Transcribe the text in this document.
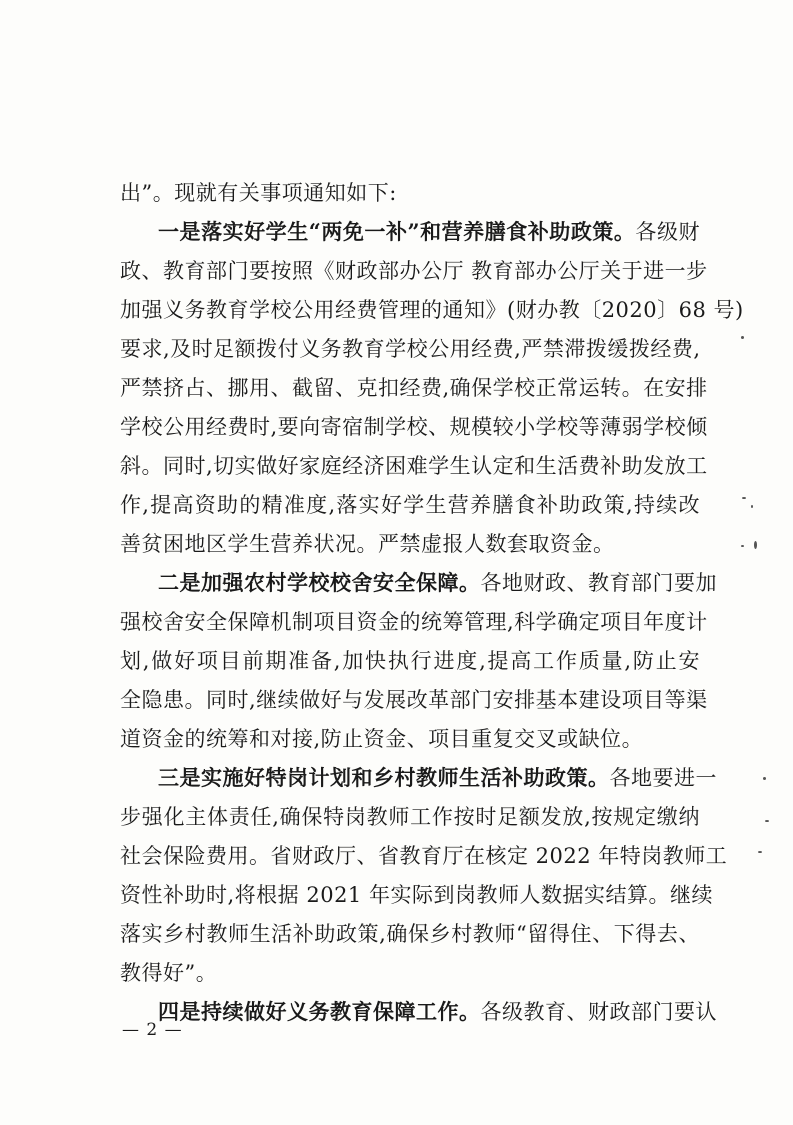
出”。现就有关事项通知如下:
一是落实好学生“两免一补”和营养膳食补助政策。各级财
政、教育部门要按照《财政部办公厅 教育部办公厅关于进一步
加强义务教育学校公用经费管理的通知》(财办教〔2020〕68 号)
要求,及时足额拨付义务教育学校公用经费,严禁滞拨缓拨经费,
严禁挤占、挪用、截留、克扣经费,确保学校正常运转。在安排
学校公用经费时,要向寄宿制学校、规模较小学校等薄弱学校倾
斜。同时,切实做好家庭经济困难学生认定和生活费补助发放工
作,提高资助的精准度,落实好学生营养膳食补助政策,持续改
善贫困地区学生营养状况。严禁虚报人数套取资金。
二是加强农村学校校舍安全保障。各地财政、教育部门要加
强校舍安全保障机制项目资金的统筹管理,科学确定项目年度计
划,做好项目前期准备,加快执行进度,提高工作质量,防止安
全隐患。同时,继续做好与发展改革部门安排基本建设项目等渠
道资金的统筹和对接,防止资金、项目重复交叉或缺位。
三是实施好特岗计划和乡村教师生活补助政策。各地要进一
步强化主体责任,确保特岗教师工作按时足额发放,按规定缴纳
社会保险费用。省财政厅、省教育厅在核定 2022 年特岗教师工
资性补助时,将根据 2021 年实际到岗教师人数据实结算。继续
落实乡村教师生活补助政策,确保乡村教师“留得住、下得去、
教得好”。
四是持续做好义务教育保障工作。各级教育、财政部门要认
— 2 —
